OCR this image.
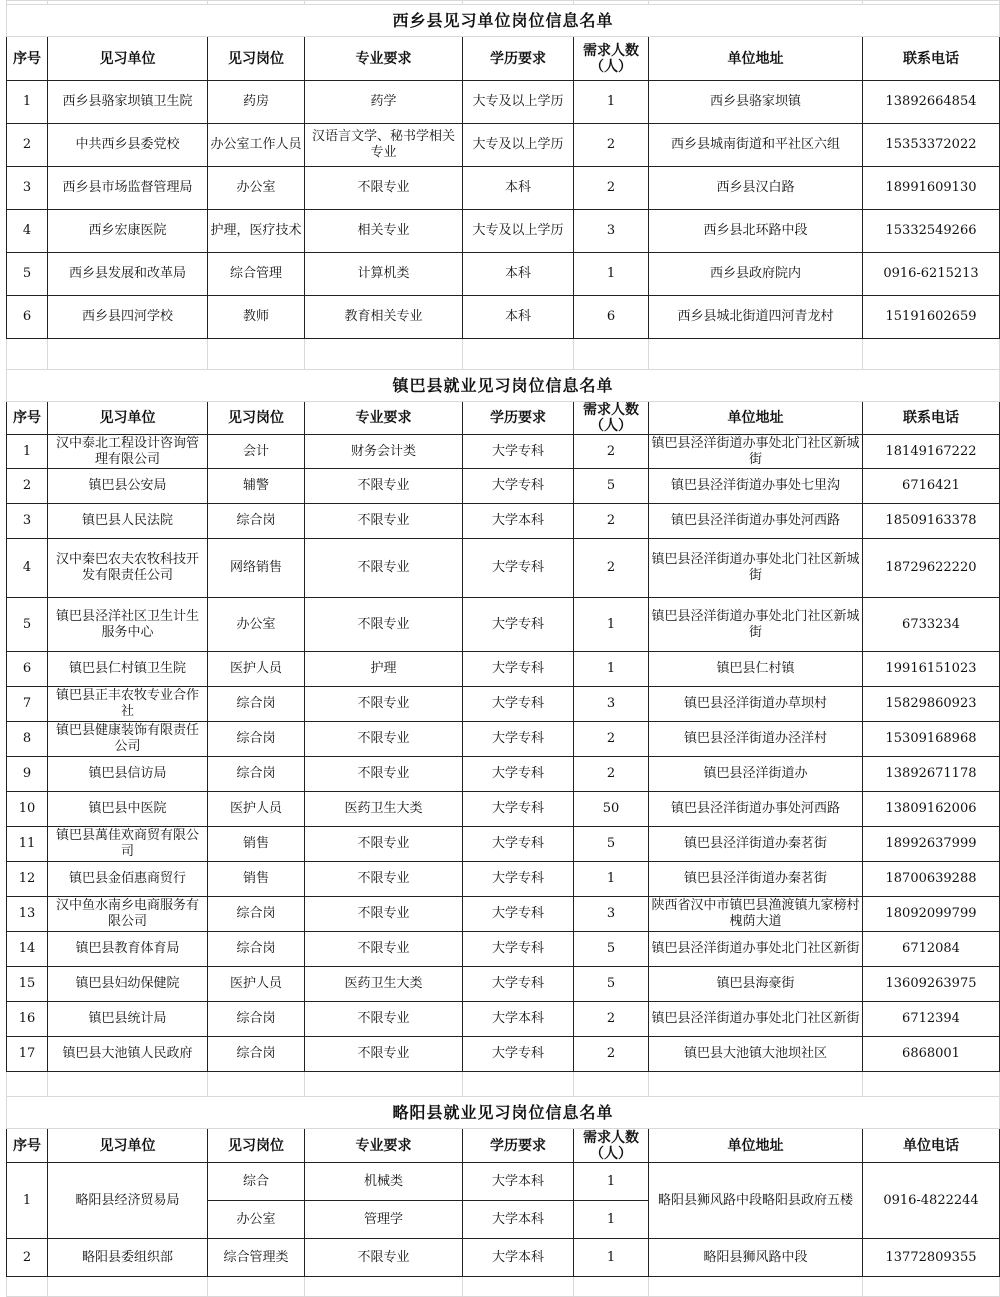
西乡县见习单位岗位信息名单							
序号	见习单位	见习岗位	专业要求	学历要求	需求人数（人）	单位地址	联系电话
1	西乡县骆家坝镇卫生院	药房	药学	大专及以上学历	1	西乡县骆家坝镇	13892664854
2	中共西乡县委党校	办公室工作人员	汉语言文学、秘书学相关专业	大专及以上学历	2	西乡县城南街道和平社区六组	15353372022
3	西乡县市场监督管理局	办公室	不限专业	本科	2	西乡县汉白路	18991609130
4	西乡宏康医院	护理，医疗技术	相关专业	大专及以上学历	3	西乡县北环路中段	15332549266
5	西乡县发展和改革局	综合管理	计算机类	本科	1	西乡县政府院内	0916-6215213
6	西乡县四河学校	教师	教育相关专业	本科	6	西乡县城北街道四河青龙村	15191602659

镇巴县就业见习岗位信息名单							
序号	见习单位	见习岗位	专业要求	学历要求	需求人数（人）	单位地址	联系电话
1	汉中泰北工程设计咨询管理有限公司	会计	财务会计类	大学专科	2	镇巴县泾洋街道办事处北门社区新城街	18149167222
2	镇巴县公安局	辅警	不限专业	大学专科	5	镇巴县泾洋街道办事处七里沟	6716421
3	镇巴县人民法院	综合岗	不限专业	大学本科	2	镇巴县泾洋街道办事处河西路	18509163378
4	汉中秦巴农夫农牧科技开发有限责任公司	网络销售	不限专业	大学专科	2	镇巴县泾洋街道办事处北门社区新城街	18729622220
5	镇巴县泾洋社区卫生计生服务中心	办公室	不限专业	大学专科	1	镇巴县泾洋街道办事处北门社区新城街	6733234
6	镇巴县仁村镇卫生院	医护人员	护理	大学专科	1	镇巴县仁村镇	19916151023
7	镇巴县正丰农牧专业合作社	综合岗	不限专业	大学专科	3	镇巴县泾洋街道办草坝村	15829860923
8	镇巴县健康装饰有限责任公司	综合岗	不限专业	大学专科	2	镇巴县泾洋街道办泾洋村	15309168968
9	镇巴县信访局	综合岗	不限专业	大学专科	2	镇巴县泾洋街道办	13892671178
10	镇巴县中医院	医护人员	医药卫生大类	大学专科	50	镇巴县泾洋街道办事处河西路	13809162006
11	镇巴县萬佳欢商贸有限公司	销售	不限专业	大学专科	5	镇巴县泾洋街道办秦茗街	18992637999
12	镇巴县金佰惠商贸行	销售	不限专业	大学专科	1	镇巴县泾洋街道办秦茗街	18700639288
13	汉中鱼水南乡电商服务有限公司	综合岗	不限专业	大学专科	3	陕西省汉中市镇巴县渔渡镇九家榜村槐荫大道	18092099799
14	镇巴县教育体育局	综合岗	不限专业	大学专科	5	镇巴县泾洋街道办事处北门社区新街	6712084
15	镇巴县妇幼保健院	医护人员	医药卫生大类	大学专科	5	镇巴县海豪街	13609263975
16	镇巴县统计局	综合岗	不限专业	大学本科	2	镇巴县泾洋街道办事处北门社区新街	6712394
17	镇巴县大池镇人民政府	综合岗	不限专业	大学专科	2	镇巴县大池镇大池坝社区	6868001

略阳县就业见习岗位信息名单							
序号	见习单位	见习岗位	专业要求	学历要求	需求人数（人）	单位地址	单位电话
1	略阳县经济贸易局	综合	机械类	大学本科	1	略阳县狮风路中段略阳县政府五楼	0916-4822244
		办公室	管理学	大学本科	1		
2	略阳县委组织部	综合管理类	不限专业	大学本科	1	略阳县狮风路中段	13772809355
